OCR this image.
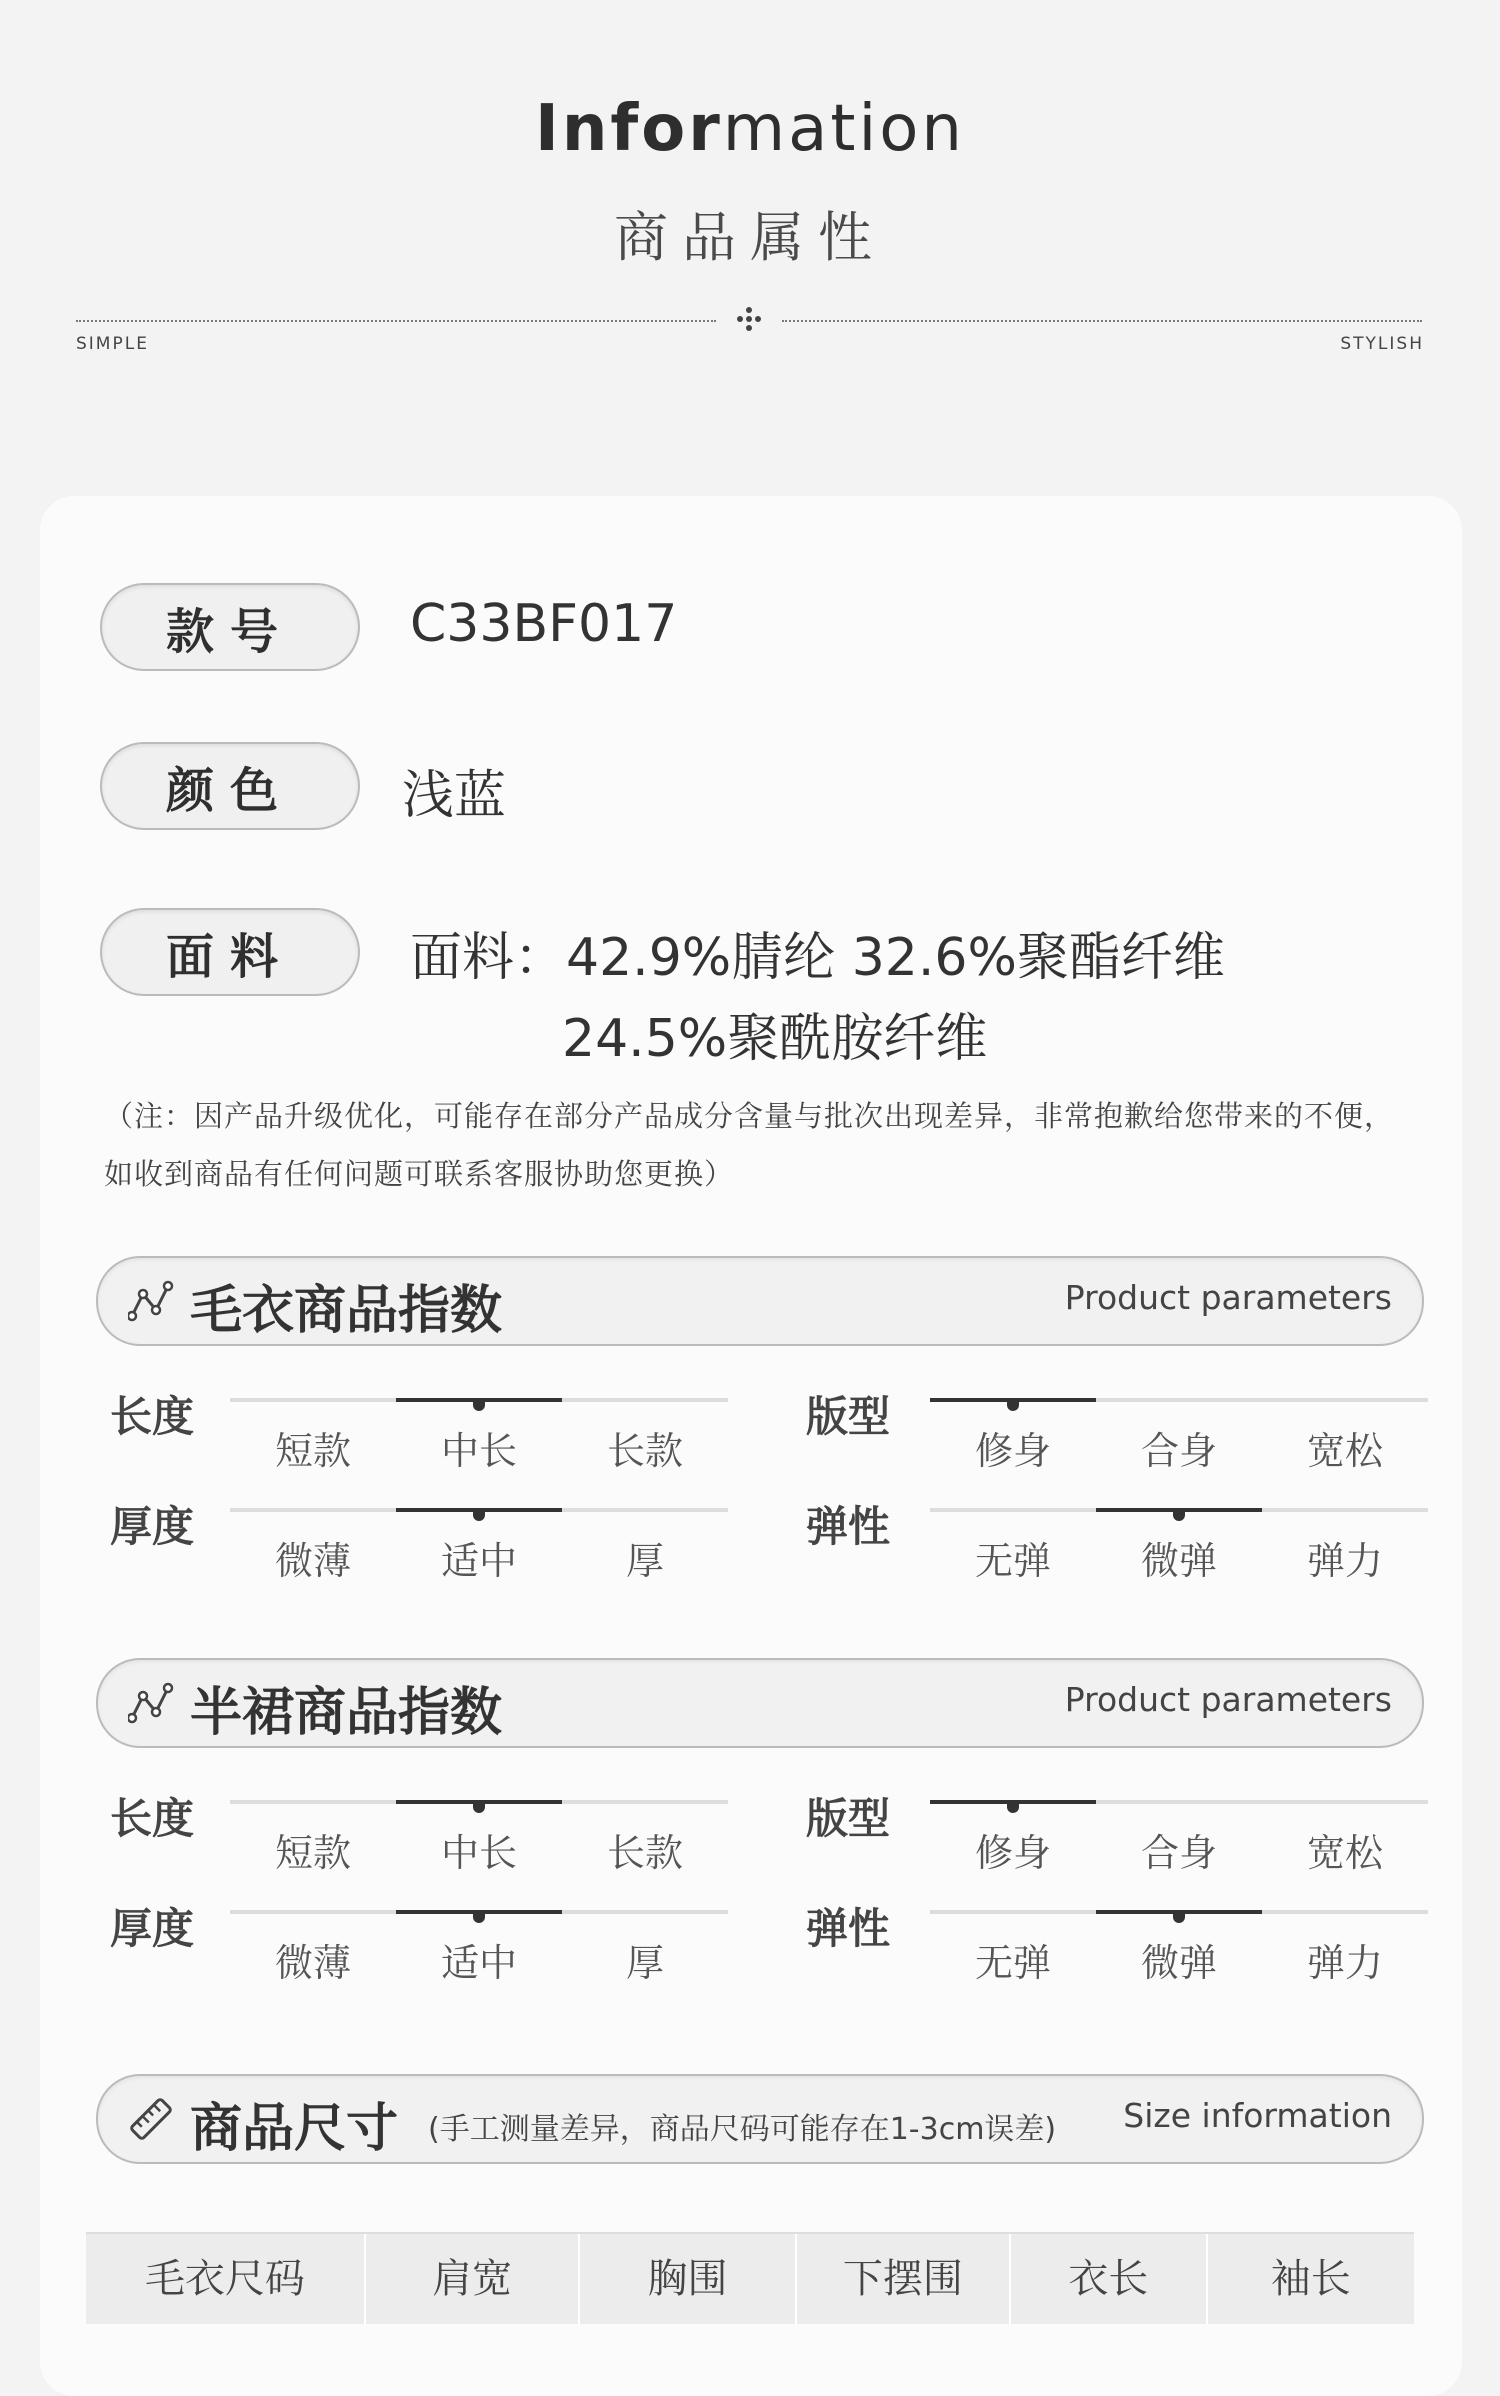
Information
商品属性
SIMPLE	STYLISH
款号	C33BF017
颜色	浅蓝
面料	面料：42.9%腈纶 32.6%聚酯纤维
24.5%聚酰胺纤维
（注：因产品升级优化，可能存在部分产品成分含量与批次出现差异，非常抱歉给您带来的不便，
如收到商品有任何问题可联系客服协助您更换）
毛衣商品指数	Product parameters
长度
短款	中长	长款
厚度
微薄	适中	厚
版型
修身	合身	宽松
弹性
无弹	微弹	弹力
半裙商品指数	Product parameters
长度
短款	中长	长款
厚度
微薄	适中	厚
版型
修身	合身	宽松
弹性
无弹	微弹	弹力
商品尺寸 (手工测量差异，商品尺码可能存在1-3cm误差) Size information
毛衣尺码	肩宽	胸围	下摆围	衣长	袖长
